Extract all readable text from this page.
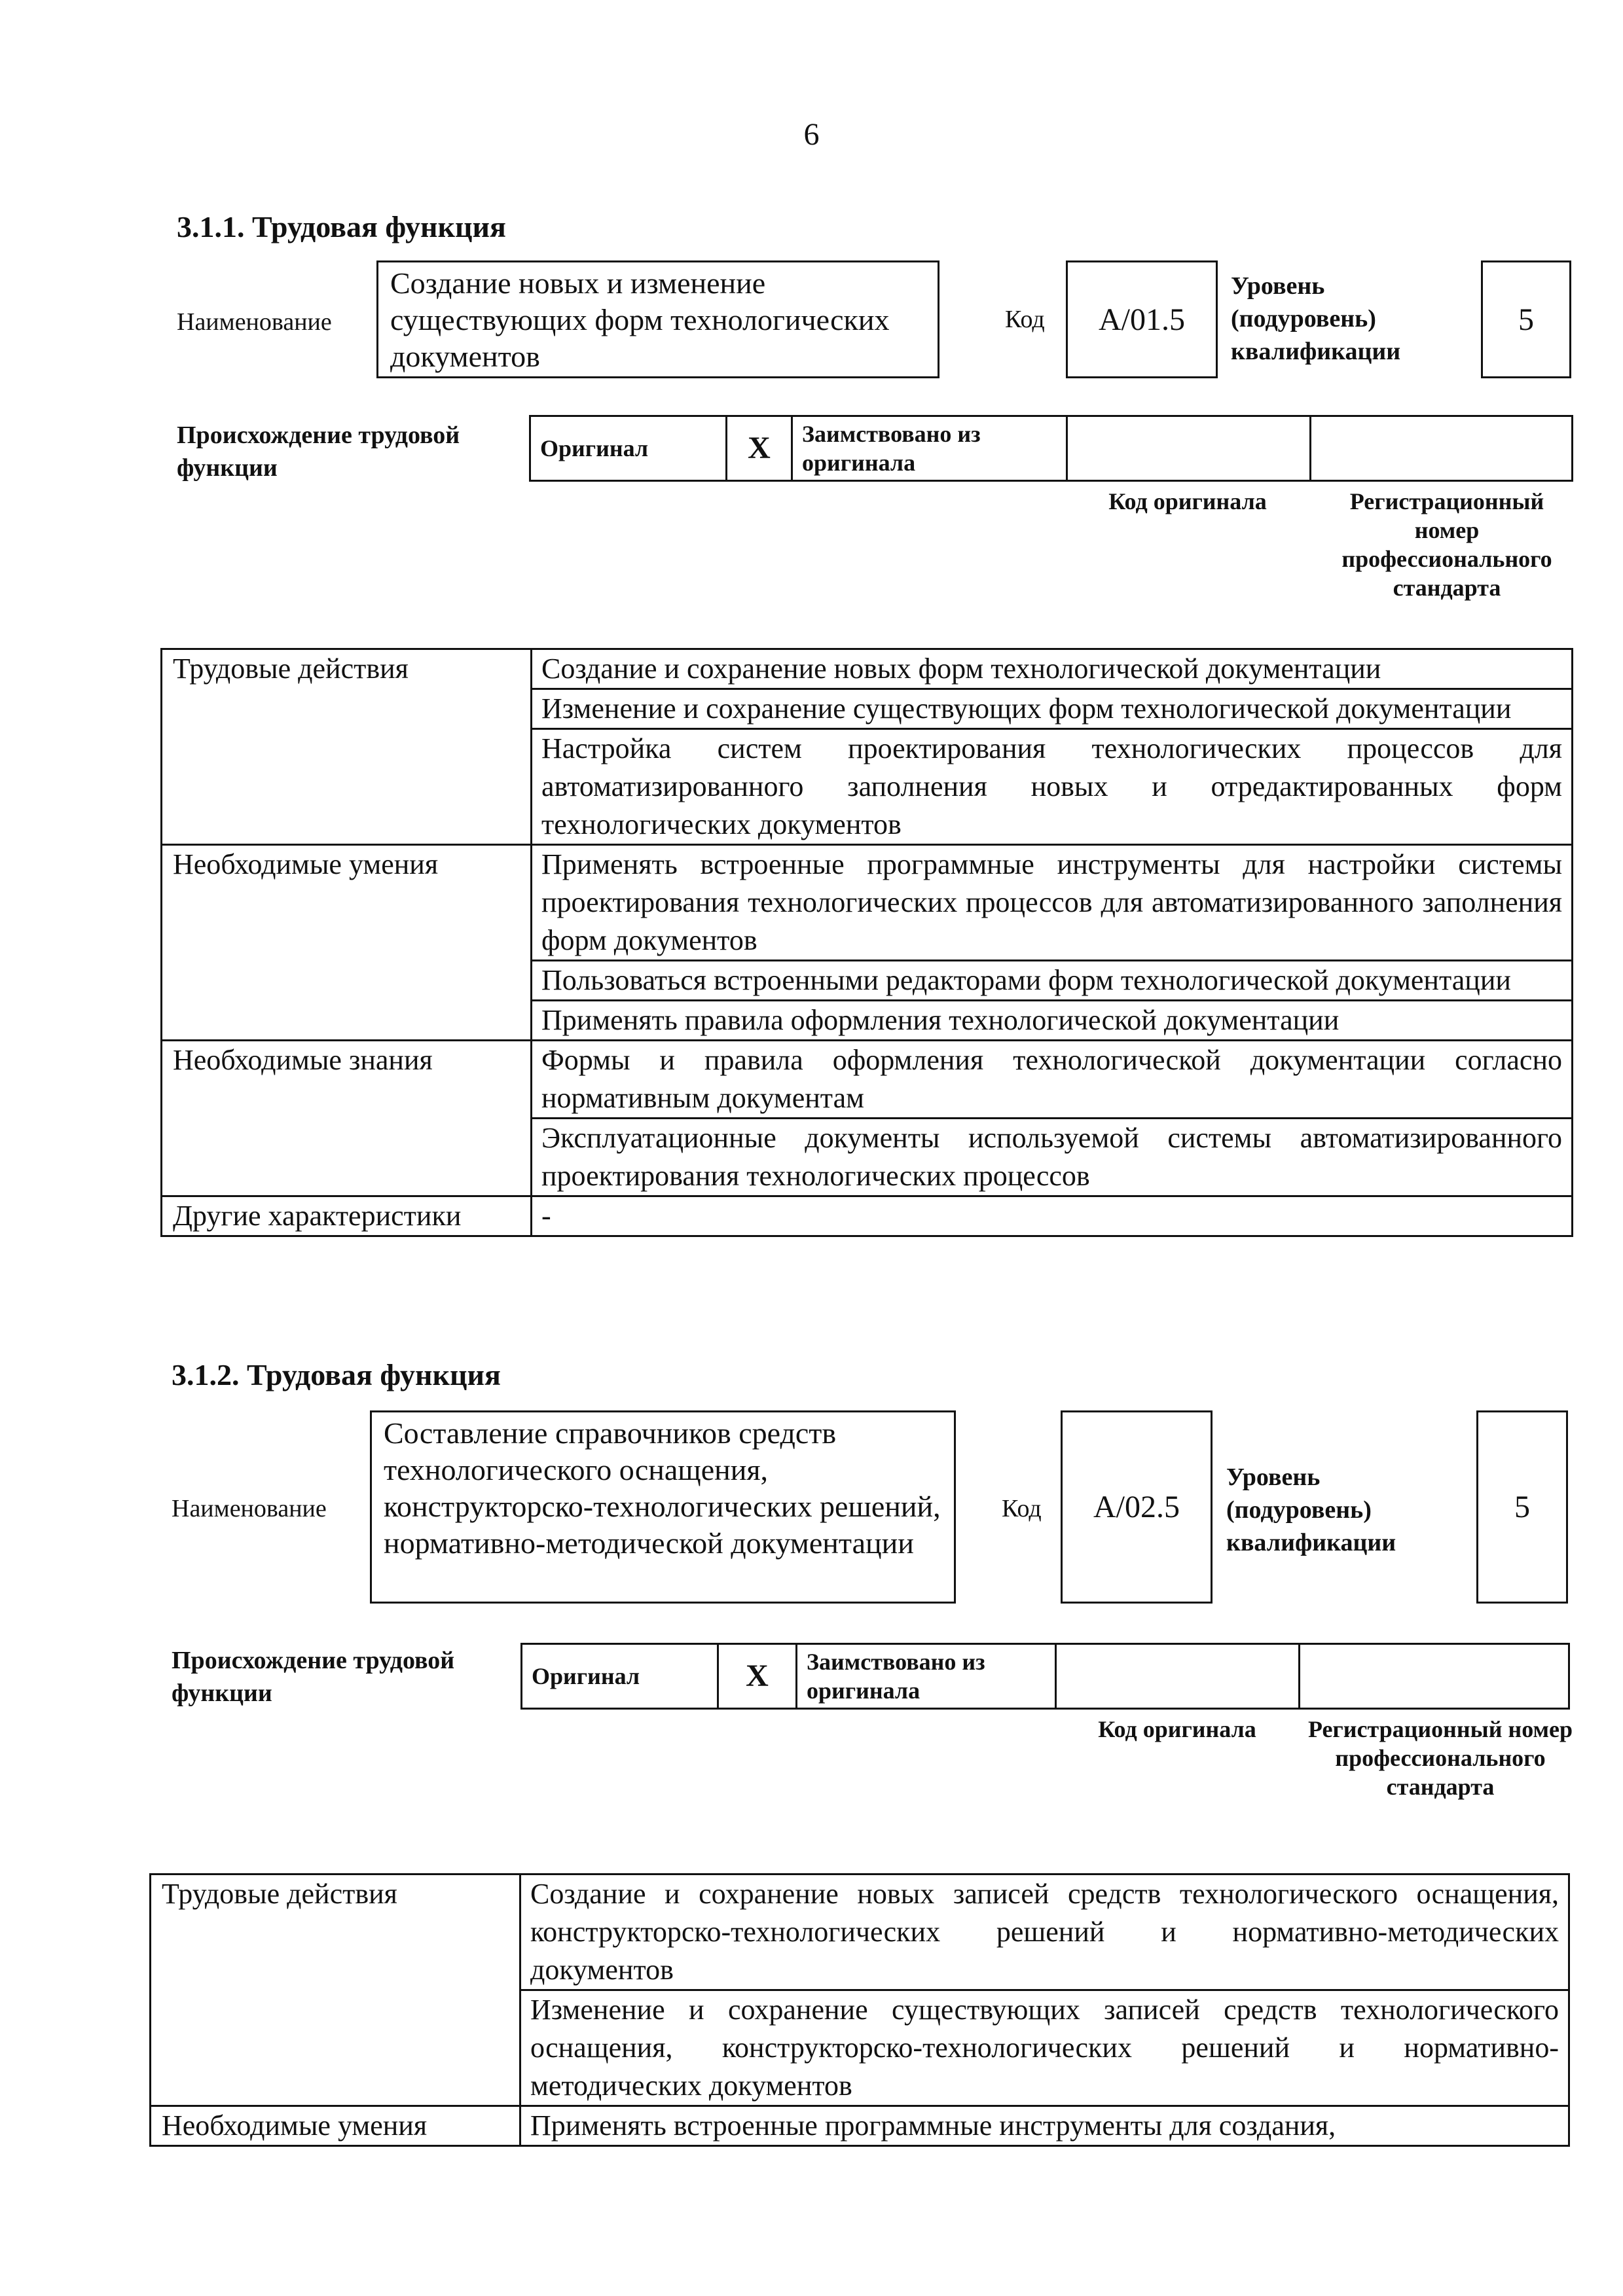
6
3.1.1. Трудовая функция
Наименование
Создание новых и изменение существующих форм технологических документов
Код	А/01.5
Уровень (подуровень) квалификации
5
Происхождение трудовой функции
Оригинал	X	Заимствовано из оригинала		
Код оригинала	Регистрационный номер профессионального стандарта
Трудовые действия	Создание и сохранение новых форм технологической документации
	Изменение и сохранение существующих форм технологической документации
	Настройка систем проектирования технологических процессов для автоматизированного заполнения новых и отредактированных форм технологических документов
Необходимые умения	Применять встроенные программные инструменты для настройки системы проектирования технологических процессов для автоматизированного заполнения форм документов
	Пользоваться встроенными редакторами форм технологической документации
	Применять правила оформления технологической документации
Необходимые знания	Формы и правила оформления технологической документации согласно нормативным документам
	Эксплуатационные документы используемой системы автоматизированного проектирования технологических процессов
Другие характеристики	-
3.1.2. Трудовая функция
Наименование
Составление справочников средств технологического оснащения, конструкторско-технологических решений, нормативно-методической документации
Код	А/02.5
Уровень (подуровень) квалификации
5
Происхождение трудовой функции
Оригинал	X	Заимствовано из оригинала		
Код оригинала	Регистрационный номер профессионального стандарта
Трудовые действия	Создание и сохранение новых записей средств технологического оснащения, конструкторско-технологических решений и нормативно-методических документов
	Изменение и сохранение существующих записей средств технологического оснащения, конструкторско-технологических решений и нормативно-методических документов
Необходимые умения	Применять встроенные программные инструменты для создания,
